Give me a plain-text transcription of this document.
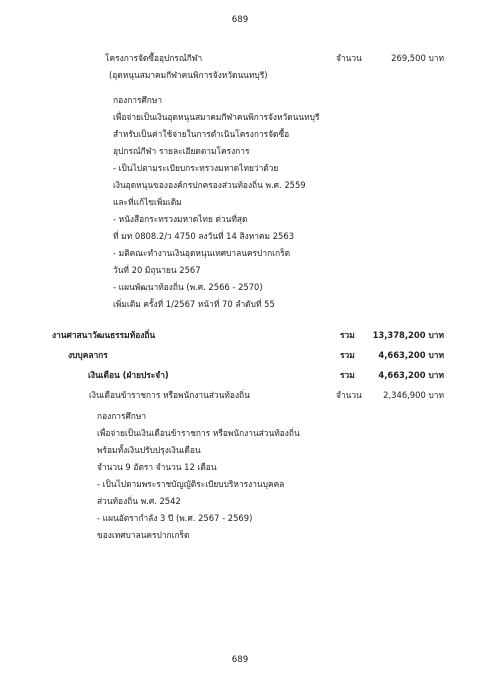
689
โครงการจัดซื้ออุปกรณ์กีฬา	จำนวน	269,500 บาท
(อุดหนุนสมาคมกีฬาคนพิการจังหวัดนนทบุรี)
กองการศึกษา
เพื่อจ่ายเป็นเงินอุดหนุนสมาคมกีฬาคนพิการจังหวัดนนทบุรี
สำหรับเป็นค่าใช้จ่ายในการดำเนินโครงการจัดซื้อ
อุปกรณ์กีฬา รายละเอียดตามโครงการ
- เป็นไปตามระเบียบกระทรวงมหาดไทยว่าด้วย
เงินอุดหนุนขององค์กรปกครองส่วนท้องถิ่น พ.ศ. 2559
และที่แก้ไขเพิ่มเติม
- หนังสือกระทรวงมหาดไทย ด่วนที่สุด
ที่ มท 0808.2/ว 4750 ลงวันที่ 14 สิงหาคม 2563
- มติคณะทำงานเงินอุดหนุนเทศบาลนครปากเกร็ด
วันที่ 20 มิถุนายน 2567
- แผนพัฒนาท้องถิ่น (พ.ศ. 2566 - 2570)
เพิ่มเติม ครั้งที่ 1/2567 หน้าที่ 70 ลำดับที่ 55
งานศาสนาวัฒนธรรมท้องถิ่น	รวม 13,378,200 บาท
งบบุคลากร	รวม	4,663,200 บาท
เงินเดือน (ฝ่ายประจำ)	รวม	4,663,200 บาท
เงินเดือนข้าราชการ หรือพนักงานส่วนท้องถิ่น	จำนวน	2,346,900 บาท
กองการศึกษา
เพื่อจ่ายเป็นเงินเดือนข้าราชการ หรือพนักงานส่วนท้องถิ่น
พร้อมทั้งเงินปรับปรุงเงินเดือน
จำนวน 9 อัตรา จำนวน 12 เดือน
- เป็นไปตามพระราชบัญญัติระเบียบบริหารงานบุคคล
ส่วนท้องถิ่น พ.ศ. 2542
- แผนอัตรากำลัง 3 ปี (พ.ศ. 2567 - 2569)
ของเทศบาลนครปากเกร็ด
689
